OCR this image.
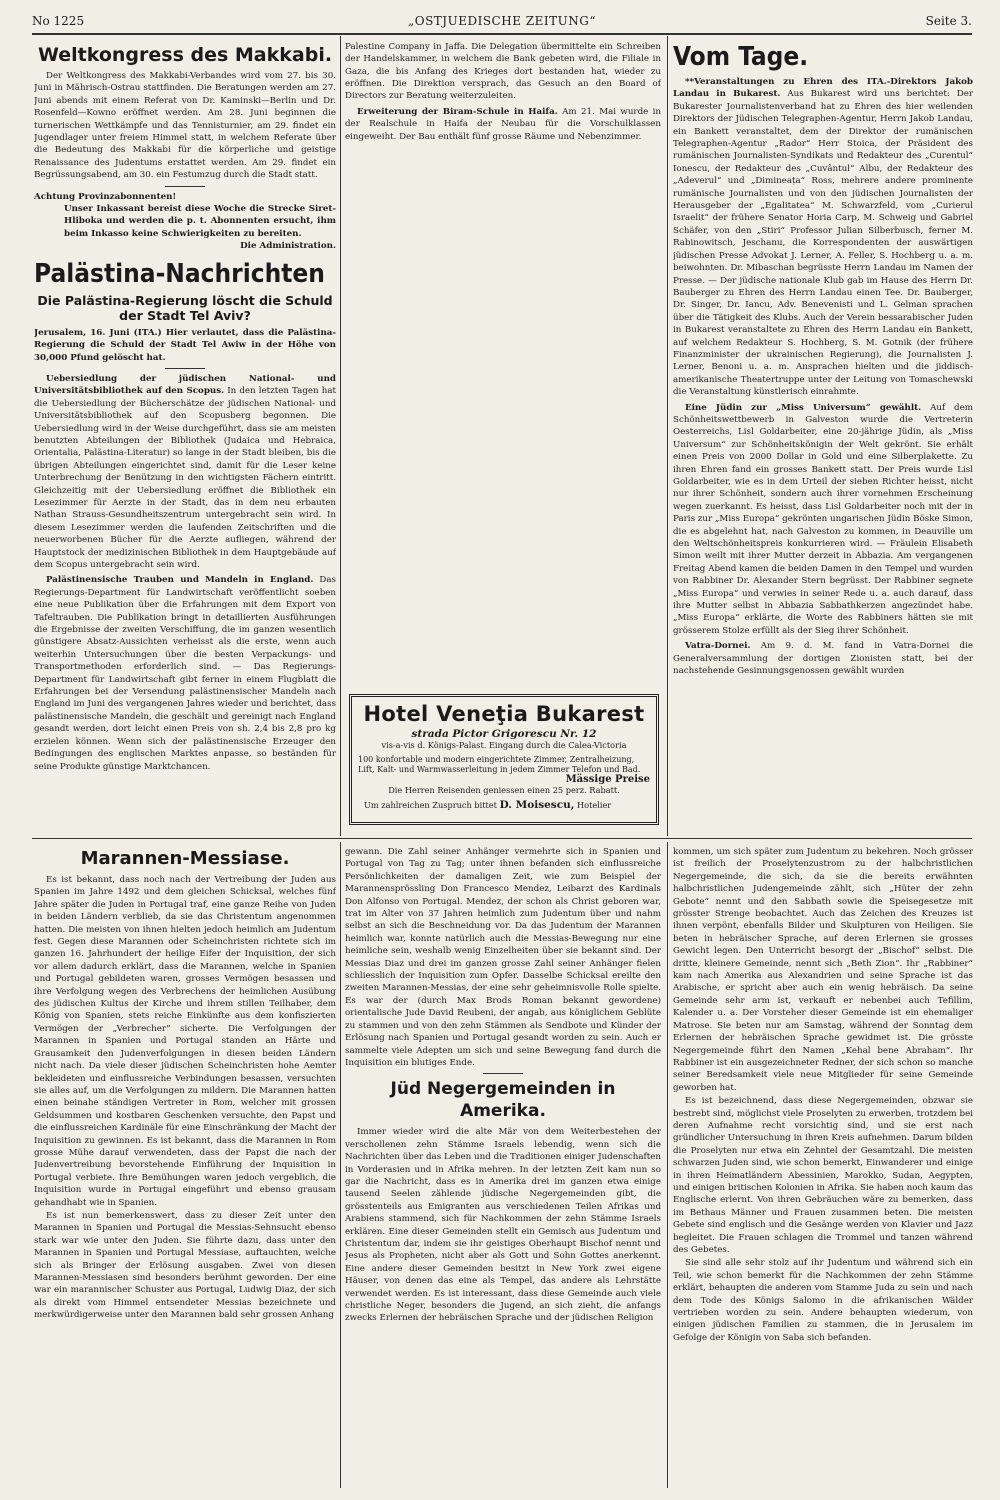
No 1225	„OSTJUEDISCHE ZEITUNG“	Seite 3.
Weltkongress des Makkabi.

Der Weltkongress des Makkabi-Verbandes wird vom 27. bis 30. Juni in Mährisch-Ostrau stattfinden. Die Beratungen werden am 27. Juni abends mit einem Referat von Dr. Kaminski—Berlin und Dr. Rosenfeld—Kowno eröffnet werden. Am 28. Juni beginnen die turnerischen Wettkämpfe und das Tennisturnier, am 29. findet ein Jugendlager unter freiem Himmel statt, in welchem Referate über die Bedeutung des Makkabi für die körperliche und geistige Renaissance des Judentums erstattet werden. Am 29. findet ein Begrüssungsabend, am 30. ein Festumzug durch die Stadt statt.

Achtung Provinzabonnenten!
Unser Inkassant bereist diese Woche die Strecke Siret-Hliboka und werden die p. t. Abonnenten ersucht, ihm beim Inkasso keine Schwierigkeiten zu bereiten.
Die Administration.
Palästina-Nachrichten
Die Palästina-Regierung löscht die Schuld der Stadt Tel Aviv?

Jerusalem, 16. Juni (ITA.) Hier verlautet, dass die Palästina-Regierung die Schuld der Stadt Tel Awiw in der Höhe von 30,000 Pfund gelöscht hat.

Uebersiedlung der jüdischen National- und Universitätsbibliothek auf den Scopus. In den letzten Tagen hat die Uebersiedlung der Bücherschätze der jüdischen National- und Universitätsbibliothek auf den Scopusberg begonnen. Die Uebersiedlung wird in der Weise durchgeführt, dass sie am meisten benutzten Abteilungen der Bibliothek (Judaica und Hebraica, Orientalia, Palästina-Literatur) so lange in der Stadt bleiben, bis die übrigen Abteilungen eingerichtet sind, damit für die Leser keine Unterbrechung der Benützung in den wichtigsten Fächern eintritt. Gleichzeitig mit der Uebersiedlung eröffnet die Bibliothek ein Lesezimmer für Aerzte in der Stadt, das in dem neu erbauten Nathan Strauss-Gesundheitszentrum untergebracht sein wird. In diesem Lesezimmer werden die laufenden Zeitschriften und die neuerworbenen Bücher für die Aerzte aufliegen, während der Hauptstock der medizinischen Bibliothek in dem Hauptgebäude auf dem Scopus untergebracht sein wird.

Palästinensische Trauben und Mandeln in England. Das Regierungs-Department für Landwirtschaft veröffentlicht soeben eine neue Publikation über die Erfahrungen mit dem Export von Tafeltrauben. Die Publikation bringt in detaillierten Ausführungen die Ergebnisse der zweiten Verschiffung, die im ganzen wesentlich günstigere Absatz-Aussichten verheisst als die erste, wenn auch weiterhin Untersuchungen über die besten Verpackungs- und Transportmethoden erforderlich sind. — Das Regierungs-Department für Landwirtschaft gibt ferner in einem Flugblatt die Erfahrungen bei der Versendung palästinensischer Mandeln nach England im Juni des vergangenen Jahres wieder und berichtet, dass palästinensische Mandeln, die geschält und gereinigt nach England gesandt werden, dort leicht einen Preis von sh. 2,4 bis 2,8 pro kg erzielen können. Wenn sich der palästinensische Erzeuger den Bedingungen des englischen Marktes anpasse, so beständen für seine Produkte günstige Marktchancen.

Palestine Company in Jaffa. Die Delegation übermittelte ein Schreiben der Handelskammer, in welchem die Bank gebeten wird, die Filiale in Gaza, die bis Anfang des Krieges dort bestanden hat, wieder zu eröffnen. Die Direktion versprach, das Gesuch an den Board of Directors zur Beratung weiterzuleiten.

Erweiterung der Biram-Schule in Haifa. Am 21. Mai wurde in der Realschule in Haifa der Neubau für die Vorschulklassen eingeweiht. Der Bau enthält fünf grosse Räume und Nebenzimmer.

Hotel Veneţia Bukarest
strada Pictor Grigorescu Nr. 12
vis-a-vis d. Königs-Palast. Eingang durch die Calea-Victoria
100 konfortable und modern eingerichtete Zimmer, Zentralheizung, Lift, Kalt- und Warmwasserleitung in jedem Zimmer Telefon und Bad.
Mässige Preise
Die Herren Reisenden geniessen einen 25 perz. Rabatt.
Um zahlreichen Zuspruch bittet D. Moisescu, Hotelier
Vom Tage.

**Veranstaltungen zu Ehren des ITA.-Direktors Jakob Landau in Bukarest. Aus Bukarest wird uns berichtet: Der Bukarester Journalistenverband hat zu Ehren des hier weilenden Direktors der Jüdischen Telegraphen-Agentur, Herrn Jakob Landau, ein Bankett veranstaltet, dem der Direktor der rumänischen Telegraphen-Agentur „Rador“ Herr Stoica, der Präsident des rumänischen Journalisten-Syndikats und Redakteur des „Curentul“ Ionescu, der Redakteur des „Cuvântul“ Albu, der Redakteur des „Adeverul“ und „Dimineața“ Ross, mehrere andere prominente rumänische Journalisten und von den jüdischen Journalisten der Herausgeber der „Egalitatea“ M. Schwarzfeld, vom „Curierul Israelit“ der frühere Senator Horia Carp, M. Schweig und Gabriel Schäfer, von den „Stiri“ Professor Julian Silberbusch, ferner M. Rabinowitsch, Jeschanu, die Korrespondenten der auswärtigen jüdischen Presse Advokat J. Lerner, A. Feller, S. Hochberg u. a. m. beiwohnten. Dr. Mibaschan begrüsste Herrn Landau im Namen der Presse. — Der jüdische nationale Klub gab im Hause des Herrn Dr. Bauberger zu Ehren des Herrn Landau einen Tee. Dr. Bauberger, Dr. Singer, Dr. Iancu, Adv. Benevenisti und L. Gelman sprachen über die Tätigkeit des Klubs. Auch der Verein bessarabischer Juden in Bukarest veranstaltete zu Ehren des Herrn Landau ein Bankett, auf welchem Redakteur S. Hochberg, S. M. Gotnik (der frühere Finanzminister der ukrainischen Regierung), die Journalisten J. Lerner, Benoni u. a. m. Ansprachen hielten und die jiddisch-amerikanische Theatertruppe unter der Leitung von Tomaschewski die Veranstaltung künstlerisch einrahmte.

Eine Jüdin zur „Miss Universum“ gewählt. Auf dem Schönheitswettbewerb in Galveston wurde die Vertreterin Oesterreichs, Lisl Goldarbeiter, eine 20-jährige Jüdin, als „Miss Universum“ zur Schönheitskönigin der Welt gekrönt. Sie erhält einen Preis von 2000 Dollar in Gold und eine Silberplakette. Zu ihren Ehren fand ein grosses Bankett statt. Der Preis wurde Lisl Goldarbeiter, wie es in dem Urteil der sieben Richter heisst, nicht nur ihrer Schönheit, sondern auch ihrer vornehmen Erscheinung wegen zuerkannt. Es heisst, dass Lisl Goldarbeiter noch mit der in Paris zur „Miss Europa“ gekrönten ungarischen Jüdin Böske Simon, die es abgelehnt hat, nach Galveston zu kommen, in Deauville um den Weltschönheitspreis konkurrieren wird. — Fräulein Elisabeth Simon weilt mit ihrer Mutter derzeit in Abbazia. Am vergangenen Freitag Abend kamen die beiden Damen in den Tempel und wurden von Rabbiner Dr. Alexander Stern begrüsst. Der Rabbiner segnete „Miss Europa“ und verwies in seiner Rede u. a. auch darauf, dass ihre Mutter selbst in Abbazia Sabbathkerzen angezündet habe. „Miss Europa“ erklärte, die Worte des Rabbiners hätten sie mit grösserem Stolze erfüllt als der Sieg ihrer Schönheit.

Vatra-Dornei. Am 9. d. M. fand in Vatra-Dornei die Generalversammlung der dortigen Zionisten statt, bei der nachstehende Gesinnungsgenossen gewählt wurden

Marannen-Messiase.

Es ist bekannt, dass noch nach der Vertreibung der Juden aus Spanien im Jahre 1492 und dem gleichen Schicksal, welches fünf Jahre später die Juden in Portugal traf, eine ganze Reihe von Juden in beiden Ländern verblieb, da sie das Christentum angenommen hatten. Die meisten von ihnen hielten jedoch heimlich am Judentum fest. Gegen diese Marannen oder Scheinchristen richtete sich im ganzen 16. Jahrhundert der heilige Eifer der Inquisition, der sich vor allem dadurch erklärt, dass die Marannen, welche in Spanien und Portugal gebildeten waren, grosses Vermögen besassen und ihre Verfolgung wegen des Verbrechens der heimlichen Ausübung des jüdischen Kultus der Kirche und ihrem stillen Teilhaber, dem König von Spanien, stets reiche Einkünfte aus dem konfiszierten Vermögen der „Verbrecher“ sicherte. Die Verfolgungen der Marannen in Spanien und Portugal standen an Härte und Grausamkeit den Judenverfolgungen in diesen beiden Ländern nicht nach. Da viele dieser jüdischen Scheinchristen hohe Aemter bekleideten und einflussreiche Verbindungen besassen, versuchten sie alles auf, um die Verfolgungen zu mildern. Die Marannen hatten einen beinahe ständigen Vertreter in Rom, welcher mit grossen Geldsummen und kostbaren Geschenken versuchte, den Papst und die einflussreichen Kardinäle für eine Einschränkung der Macht der Inquisition zu gewinnen. Es ist bekannt, dass die Marannen in Rom grosse Mühe darauf verwendeten, dass der Papst die nach der Judenvertreibung bevorstehende Einführung der Inquisition in Portugal verbiete. Ihre Bemühungen waren jedoch vergeblich, die Inquisition wurde in Portugal eingeführt und ebenso grausam gehandhabt wie in Spanien.

Es ist nun bemerkenswert, dass zu dieser Zeit unter den Marannen in Spanien und Portugal die Messias-Sehnsucht ebenso stark war wie unter den Juden. Sie führte dazu, dass unter den Marannen in Spanien und Portugal Messiase, auftauchten, welche sich als Bringer der Erlösung ausgaben. Zwei von diesen Marannen-Messiasen sind besonders berühmt geworden. Der eine war ein marannischer Schuster aus Portugal, Ludwig Diaz, der sich als direkt vom Himmel entsendeter Messias bezeichnete und merkwürdigerweise unter den Marannen bald sehr grossen Anhang

gewann. Die Zahl seiner Anhänger vermehrte sich in Spanien und Portugal von Tag zu Tag; unter ihnen befanden sich einflussreiche Persönlichkeiten der damaligen Zeit, wie zum Beispiel der Marannensprössling Don Francesco Mendez, Leibarzt des Kardinals Don Alfonso von Portugal. Mendez, der schon als Christ geboren war, trat im Alter von 37 Jahren heimlich zum Judentum über und nahm selbst an sich die Beschneidung vor. Da das Judentum der Marannen heimlich war, konnte natürlich auch die Messias-Bewegung nur eine heimliche sein, weshalb wenig Einzelheiten über sie bekannt sind. Der Messias Diaz und drei im ganzen grosse Zahl seiner Anhänger fielen schliesslich der Inquisition zum Opfer. Dasselbe Schicksal ereilte den zweiten Marannen-Messias, der eine sehr geheimnisvolle Rolle spielte. Es war der (durch Max Brods Roman bekannt gewordene) orientalische Jude David Reubeni, der angab, aus königlichem Geblüte zu stammen und von den zehn Stämmen als Sendbote und Künder der Erlösung nach Spanien und Portugal gesandt worden zu sein. Auch er sammelte viele Adepten um sich und seine Bewegung fand durch die Inquisition ein blutiges Ende.

Jüd Negergemeinden in Amerika.

Immer wieder wird die alte Mär von dem Weiterbestehen der verschollenen zehn Stämme Israels lebendig, wenn sich die Nachrichten über das Leben und die Traditionen einiger Judenschaften in Vorderasien und in Afrika mehren. In der letzten Zeit kam nun so gar die Nachricht, dass es in Amerika drei im ganzen etwa einige tausend Seelen zählende jüdische Negergemeinden gibt, die grösstenteils aus Emigranten aus verschiedenen Teilen Afrikas und Arabiens stammend, sich für Nachkommen der zehn Stämme Israels erklären. Eine dieser Gemeinden stellt ein Gemisch aus Judentum und Christentum dar, indem sie ihr geistiges Oberhaupt Bischof nennt und Jesus als Propheten, nicht aber als Gott und Sohn Gottes anerkennt. Eine andere dieser Gemeinden besitzt in New York zwei eigene Häuser, von denen das eine als Tempel, das andere als Lehrstätte verwendet werden. Es ist interessant, dass diese Gemeinde auch viele christliche Neger, besonders die Jugend, an sich zieht, die anfangs zwecks Erlernen der hebräischen Sprache und der jüdischen Religion

kommen, um sich später zum Judentum zu bekehren. Noch grösser ist freilich der Proselytenzustrom zu der halbchristlichen Negergemeinde, die sich, da sie die bereits erwähnten halbchristlichen Judengemeinde zählt, sich „Hüter der zehn Gebote“ nennt und den Sabbath sowie die Speisegesetze mit grösster Strenge beobachtet. Auch das Zeichen des Kreuzes ist ihnen verpönt, ebenfalls Bilder und Skulpturen von Heiligen. Sie beten in hebräischer Sprache, auf deren Erlernen sie grosses Gewicht legen. Den Unterricht besorgt der „Bischof“ selbst. Die dritte, kleinere Gemeinde, nennt sich „Beth Zion“. Ihr „Rabbiner“ kam nach Amerika aus Alexandrien und seine Sprache ist das Arabische, er spricht aber auch ein wenig hebräisch. Da seine Gemeinde sehr arm ist, verkauft er nebenbei auch Tefillim, Kalender u. a. Der Vorsteher dieser Gemeinde ist ein ehemaliger Matrose. Sie beten nur am Samstag, während der Sonntag dem Erlernen der hebräischen Sprache gewidmet ist. Die grösste Negergemeinde führt den Namen „Kehal bene Abraham“. Ihr Rabbiner ist ein ausgezeichneter Redner, der sich schon so manche seiner Beredsamkeit viele neue Mitglieder für seine Gemeinde geworben hat.

Es ist bezeichnend, dass diese Negergemeinden, obzwar sie bestrebt sind, möglichst viele Proselyten zu erwerben, trotzdem bei deren Aufnahme recht vorsichtig sind, und sie erst nach gründlicher Untersuchung in ihren Kreis aufnehmen. Darum bilden die Proselyten nur etwa ein Zehntel der Gesamtzahl. Die meisten schwarzen Juden sind, wie schon bemerkt, Einwanderer und einige in ihren Heimatländern Abessinien, Marokko, Sudan, Aegypten, und einigen britischen Kolonien in Afrika. Sie haben noch kaum das Englische erlernt. Von ihren Gebräuchen wäre zu bemerken, dass im Bethaus Männer und Frauen zusammen beten. Die meisten Gebete sind englisch und die Gesänge werden von Klavier und Jazz begleitet. Die Frauen schlagen die Trommel und tanzen während des Gebetes.

Sie sind alle sehr stolz auf ihr Judentum und während sich ein Teil, wie schon bemerkt für die Nachkommen der zehn Stämme erklärt, behaupten die anderen vom Stamme Juda zu sein und nach dem Tode des Königs Salomo in die afrikanischen Wälder vertrieben worden zu sein. Andere behaupten wiederum, von einigen jüdischen Familien zu stammen, die in Jerusalem im Gefolge der Königin von Saba sich befanden.
